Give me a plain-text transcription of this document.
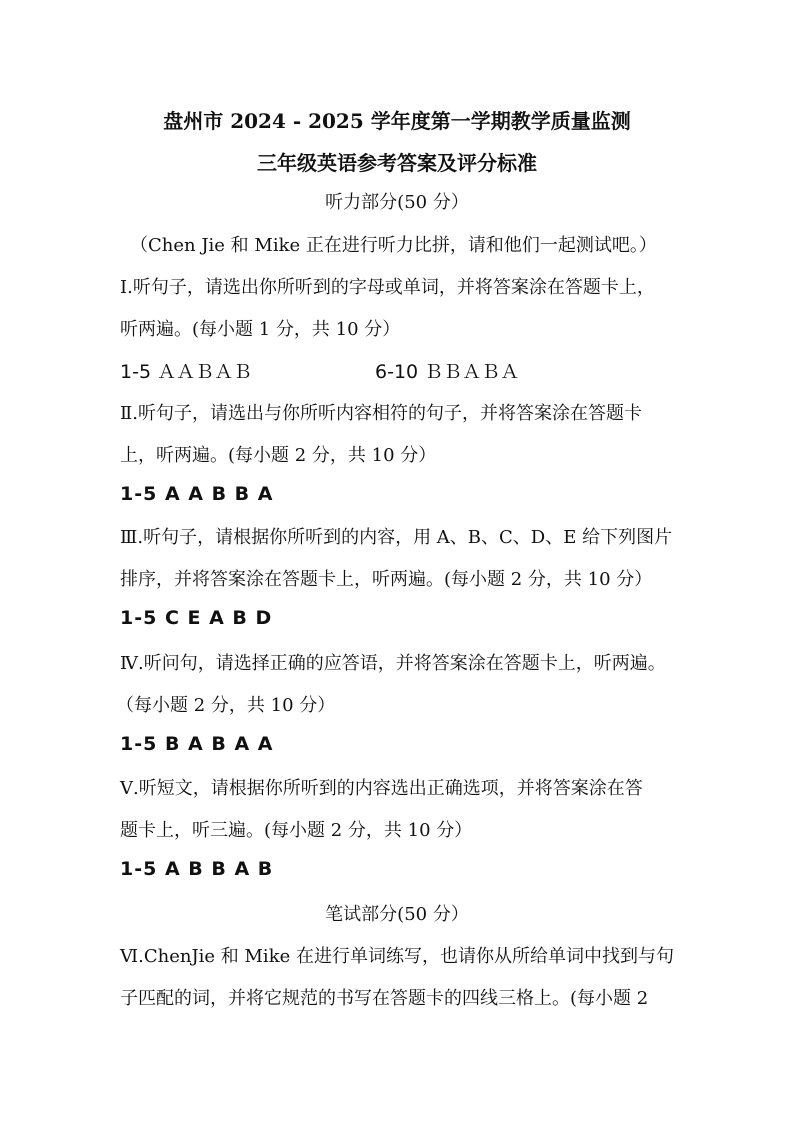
盘州市 2024 - 2025 学年度第一学期教学质量监测
三年级英语参考答案及评分标准
听力部分(50 分）
（Chen Jie 和 Mike 正在进行听力比拼，请和他们一起测试吧。）
Ⅰ.听句子，请选出你所听到的字母或单词，并将答案涂在答题卡上，
听两遍。(每小题 1 分，共 10 分）
1-5 ＡＡＢＡＢ	6-10 ＢＢＡＢＡ
Ⅱ.听句子，请选出与你所听内容相符的句子，并将答案涂在答题卡
上，听两遍。(每小题 2 分，共 10 分）
1-5 A A B B A
Ⅲ.听句子，请根据你所听到的内容，用 A、B、C、D、E 给下列图片
排序，并将答案涂在答题卡上，听两遍。(每小题 2 分，共 10 分）
1-5 C E A B D
Ⅳ.听问句，请选择正确的应答语，并将答案涂在答题卡上，听两遍。
（每小题 2 分，共 10 分）
1-5 B A B A A
Ⅴ.听短文，请根据你所听到的内容选出正确选项，并将答案涂在答
题卡上，听三遍。(每小题 2 分，共 10 分）
1-5 A B B A B
笔试部分(50 分）
Ⅵ.ChenJie 和 Mike 在进行单词练写，也请你从所给单词中找到与句
子匹配的词，并将它规范的书写在答题卡的四线三格上。(每小题 2
